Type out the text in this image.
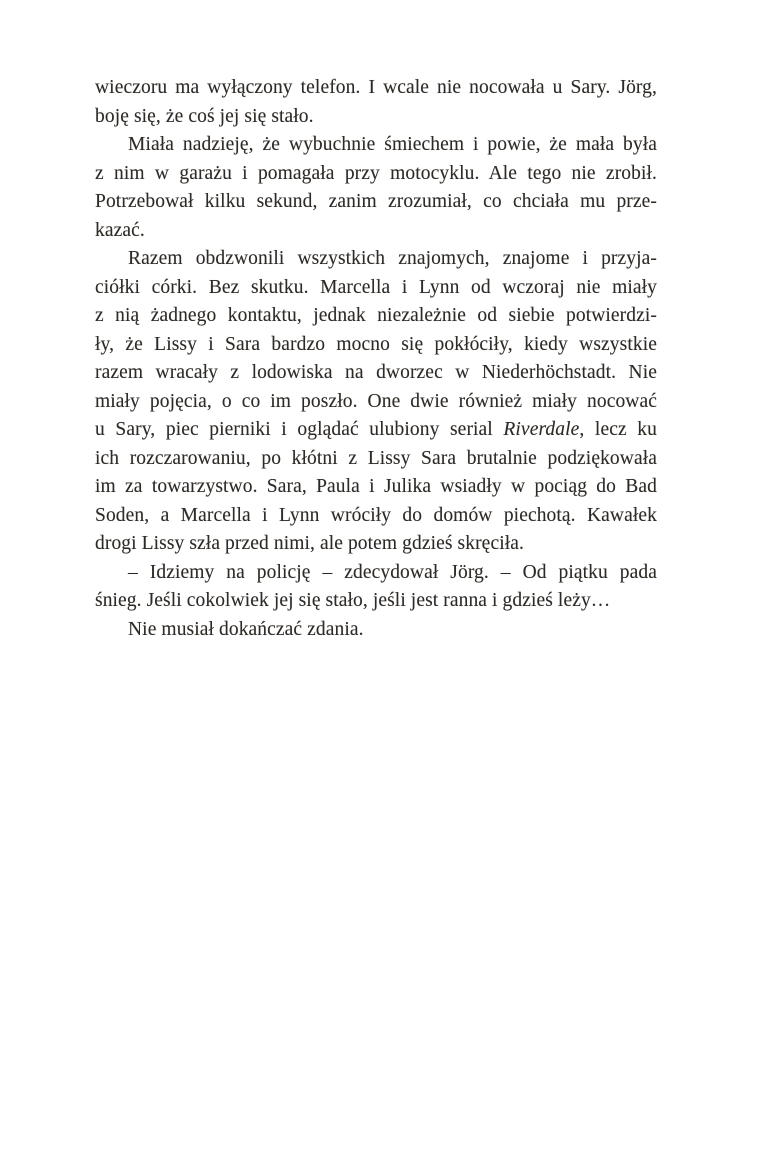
wieczoru ma wyłączony telefon. I wcale nie nocowała u Sary. Jörg,
boję się, że coś jej się stało.
Miała nadzieję, że wybuchnie śmiechem i powie, że mała była
z nim w garażu i pomagała przy motocyklu. Ale tego nie zrobił.
Potrzebował kilku sekund, zanim zrozumiał, co chciała mu prze-
kazać.
Razem obdzwonili wszystkich znajomych, znajome i przyja-
ciółki córki. Bez skutku. Marcella i Lynn od wczoraj nie miały
z nią żadnego kontaktu, jednak niezależnie od siebie potwierdzi-
ły, że Lissy i Sara bardzo mocno się pokłóciły, kiedy wszystkie
razem wracały z lodowiska na dworzec w Niederhöchstadt. Nie
miały pojęcia, o co im poszło. One dwie również miały nocować
u Sary, piec pierniki i oglądać ulubiony serial Riverdale, lecz ku
ich rozczarowaniu, po kłótni z Lissy Sara brutalnie podziękowała
im za towarzystwo. Sara, Paula i Julika wsiadły w pociąg do Bad
Soden, a Marcella i Lynn wróciły do domów piechotą. Kawałek
drogi Lissy szła przed nimi, ale potem gdzieś skręciła.
– Idziemy na policję – zdecydował Jörg. – Od piątku pada
śnieg. Jeśli cokolwiek jej się stało, jeśli jest ranna i gdzieś leży…
Nie musiał dokańczać zdania.
